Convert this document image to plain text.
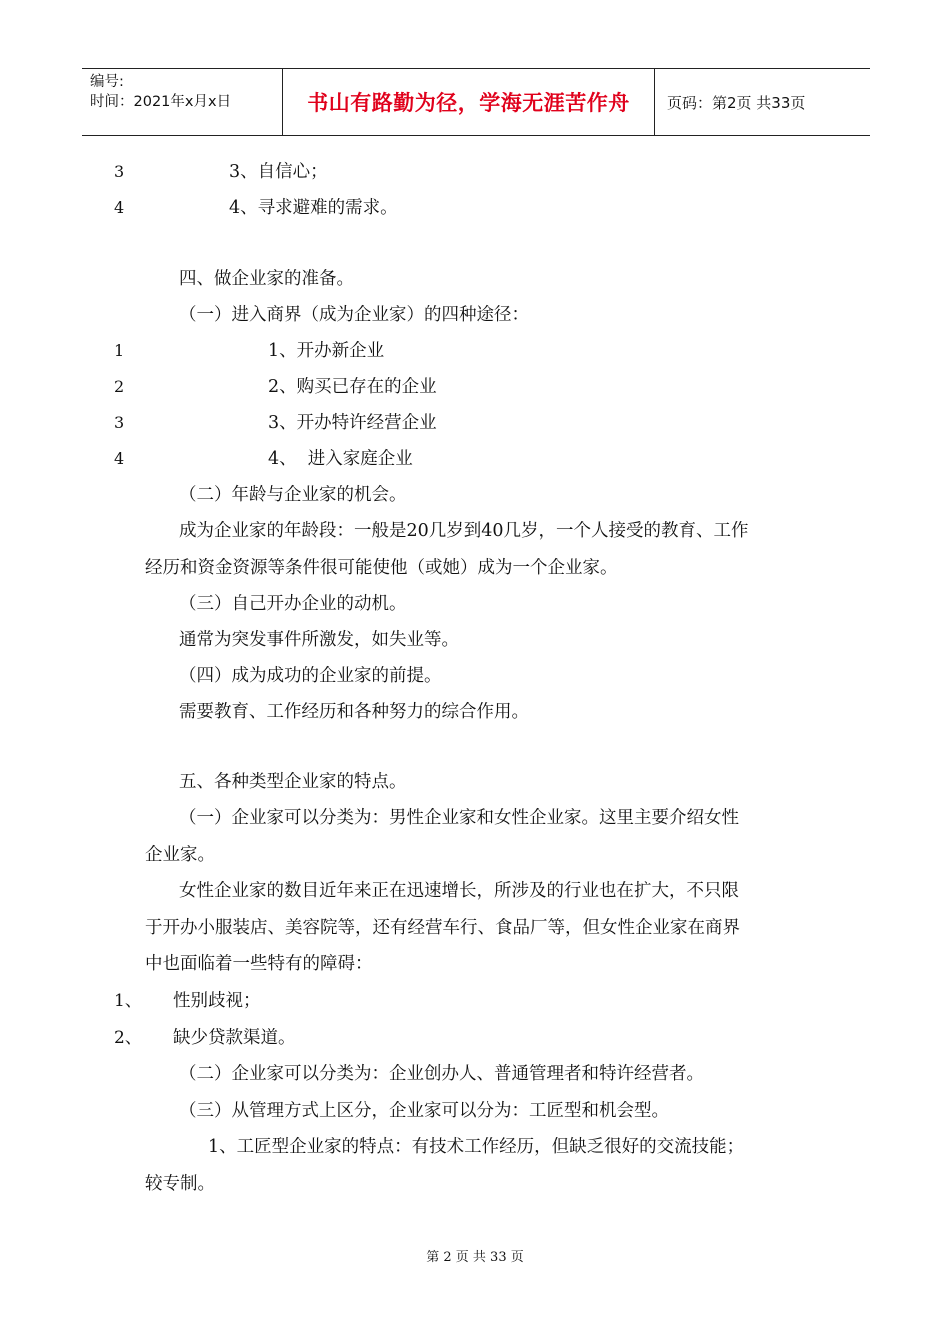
编号:
时间：2021年x月x日	书山有路勤为径，学海无涯苦作舟	页码：第2页 共33页
3	3、自信心；
4	4、寻求避难的需求。
四、做企业家的准备。
（一）进入商界（成为企业家）的四种途径：
1	1、开办新企业
2	2、购买已存在的企业
3	3、开办特许经营企业
4	4、  进入家庭企业
（二）年龄与企业家的机会。
成为企业家的年龄段：一般是20几岁到40几岁，一个人接受的教育、工作
经历和资金资源等条件很可能使他（或她）成为一个企业家。
（三）自己开办企业的动机。
通常为突发事件所激发，如失业等。
（四）成为成功的企业家的前提。
需要教育、工作经历和各种努力的综合作用。
五、各种类型企业家的特点。
（一）企业家可以分类为：男性企业家和女性企业家。这里主要介绍女性
企业家。
女性企业家的数目近年来正在迅速增长，所涉及的行业也在扩大，不只限
于开办小服装店、美容院等，还有经营车行、食品厂等，但女性企业家在商界
中也面临着一些特有的障碍：
1、 性别歧视；
2、 缺少贷款渠道。
（二）企业家可以分类为：企业创办人、普通管理者和特许经营者。
（三）从管理方式上区分，企业家可以分为：工匠型和机会型。
1、工匠型企业家的特点：有技术工作经历，但缺乏很好的交流技能；
较专制。
第 2 页 共 33 页
